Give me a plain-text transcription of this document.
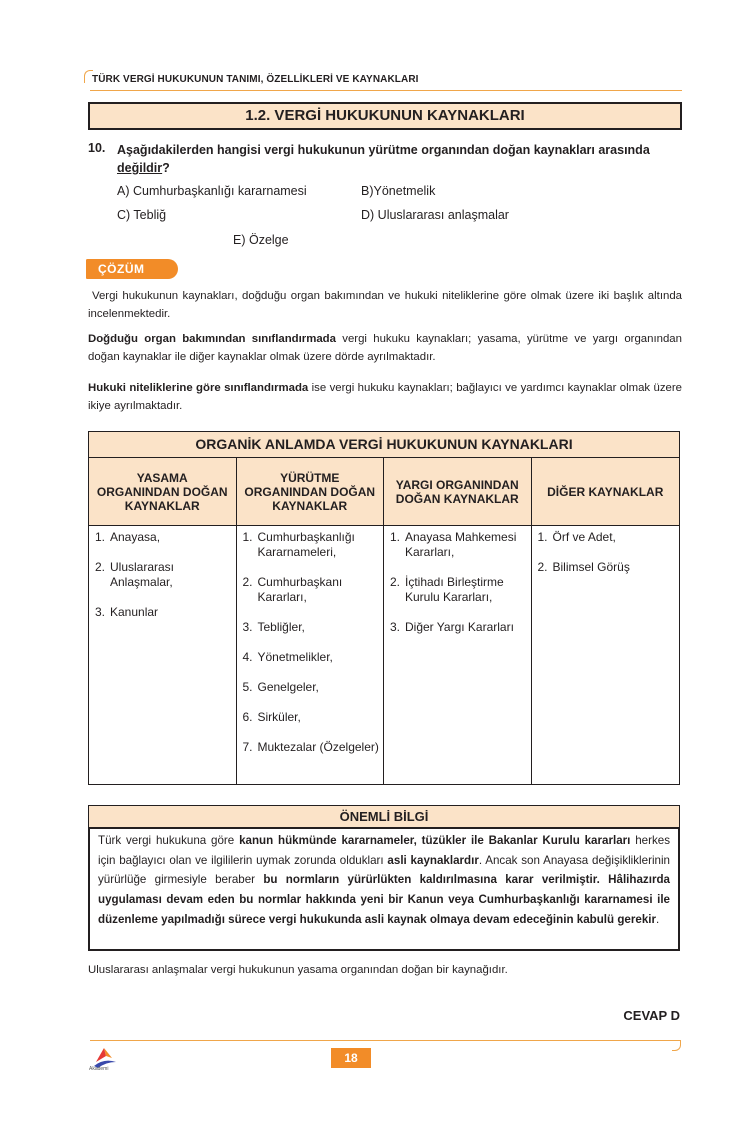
TÜRK VERGİ HUKUKUNUN TANIMI, ÖZELLİKLERİ VE KAYNAKLARI
1.2. VERGİ HUKUKUNUN KAYNAKLARI
10. Aşağıdakilerden hangisi vergi hukukunun yürütme organından doğan kaynakları arasında değildir?
A) Cumhurbaşkanlığı kararnamesi	B)Yönetmelik
C) Tebliğ	D) Uluslararası anlaşmalar
E) Özelge
ÇÖZÜM
Vergi hukukunun kaynakları, doğduğu organ bakımından ve hukuki niteliklerine göre olmak üzere iki başlık altında incelenmektedir.
Doğduğu organ bakımından sınıflandırmada vergi hukuku kaynakları; yasama, yürütme ve yargı organından doğan kaynaklar ile diğer kaynaklar olmak üzere dörde ayrılmaktadır.
Hukuki niteliklerine göre sınıflandırmada ise vergi hukuku kaynakları; bağlayıcı ve yardımcı kaynaklar olmak üzere ikiye ayrılmaktadır.
ORGANİK ANLAMDA VERGİ HUKUKUNUN KAYNAKLARI
YASAMA ORGANINDAN DOĞAN KAYNAKLAR
1. Anayasa,
2. Uluslararası Anlaşmalar,
3. Kanunlar
YÜRÜTME ORGANINDAN DOĞAN KAYNAKLAR
1. Cumhurbaşkanlığı Kararnameleri,
2. Cumhurbaşkanı Kararları,
3. Tebliğler,
4. Yönetmelikler,
5. Genelgeler,
6. Sirküler,
7. Muktezalar (Özelgeler)
YARGI ORGANINDAN DOĞAN KAYNAKLAR
1. Anayasa Mahkemesi Kararları,
2. İçtihadı Birleştirme Kurulu Kararları,
3. Diğer Yargı Kararları
DİĞER KAYNAKLAR
1. Örf ve Adet,
2. Bilimsel Görüş
ÖNEMLİ BİLGİ
Türk vergi hukukuna göre kanun hükmünde kararnameler, tüzükler ile Bakanlar Kurulu kararları herkes için bağlayıcı olan ve ilgililerin uymak zorunda oldukları asli kaynaklardır. Ancak son Anayasa değişikliklerinin yürürlüğe girmesiyle beraber bu normların yürürlükten kaldırılmasına karar verilmiştir. Hâlihazırda uygulaması devam eden bu normlar hakkında yeni bir Kanun veya Cumhurbaşkanlığı kararnamesi ile düzenleme yapılmadığı sürece vergi hukukunda asli kaynak olmaya devam edeceğinin kabulü gerekir.
Uluslararası anlaşmalar vergi hukukunun yasama organından doğan bir kaynağıdır.
CEVAP D
Akademi
18
